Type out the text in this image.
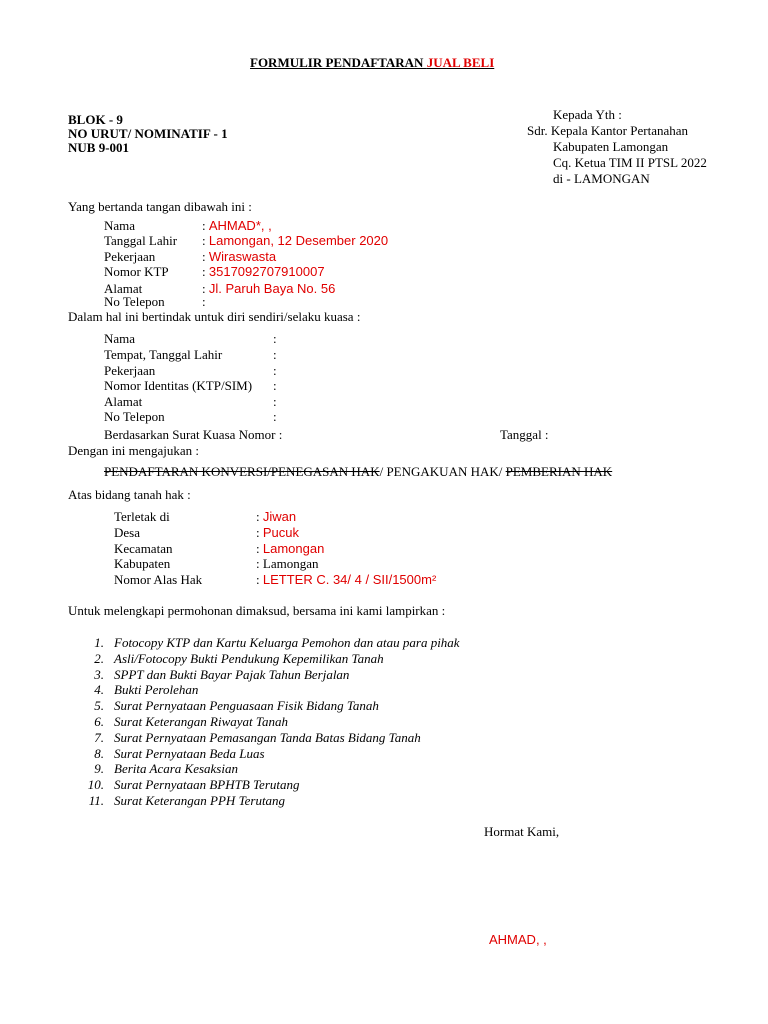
FORMULIR PENDAFTARAN JUAL BELI
BLOK - 9
NO URUT/ NOMINATIF - 1
NUB 9-001
Kepada Yth :
Sdr. Kepala Kantor Pertanahan
Kabupaten Lamongan
Cq. Ketua TIM II PTSL 2022
di - LAMONGAN
Yang bertanda tangan dibawah ini :
Nama	: AHMAD*, ,
Tanggal Lahir : Lamongan, 12 Desember 2020
Pekerjaan	: Wiraswasta
Nomor KTP	: 3517092707910007
Alamat	: Jl. Paruh Baya No. 56
No Telepon	:
Dalam hal ini bertindak untuk diri sendiri/selaku kuasa :
Nama	:
Tempat, Tanggal Lahir	:
Pekerjaan	:
Nomor Identitas (KTP/SIM) :
Alamat	:
No Telepon	:
Berdasarkan Surat Kuasa Nomor :	Tanggal :
Dengan ini mengajukan :
PENDAFTARAN KONVERSI/PENEGASAN HAK/ PENGAKUAN HAK/ PEMBERIAN HAK
Atas bidang tanah hak :
Terletak di	: Jiwan
Desa	: Pucuk
Kecamatan	: Lamongan
Kabupaten	: Lamongan
Nomor Alas Hak	: LETTER C. 34/ 4 / SII/1500m²
Untuk melengkapi permohonan dimaksud, bersama ini kami lampirkan :
1. Fotocopy KTP dan Kartu Keluarga Pemohon dan atau para pihak
2. Asli/Fotocopy Bukti Pendukung Kepemilikan Tanah
3. SPPT dan Bukti Bayar Pajak Tahun Berjalan
4. Bukti Perolehan
5. Surat Pernyataan Penguasaan Fisik Bidang Tanah
6. Surat Keterangan Riwayat Tanah
7. Surat Pernyataan Pemasangan Tanda Batas Bidang Tanah
8. Surat Pernyataan Beda Luas
9. Berita Acara Kesaksian
10. Surat Pernyataan BPHTB Terutang
11. Surat Keterangan PPH Terutang
Hormat Kami,
AHMAD, ,
